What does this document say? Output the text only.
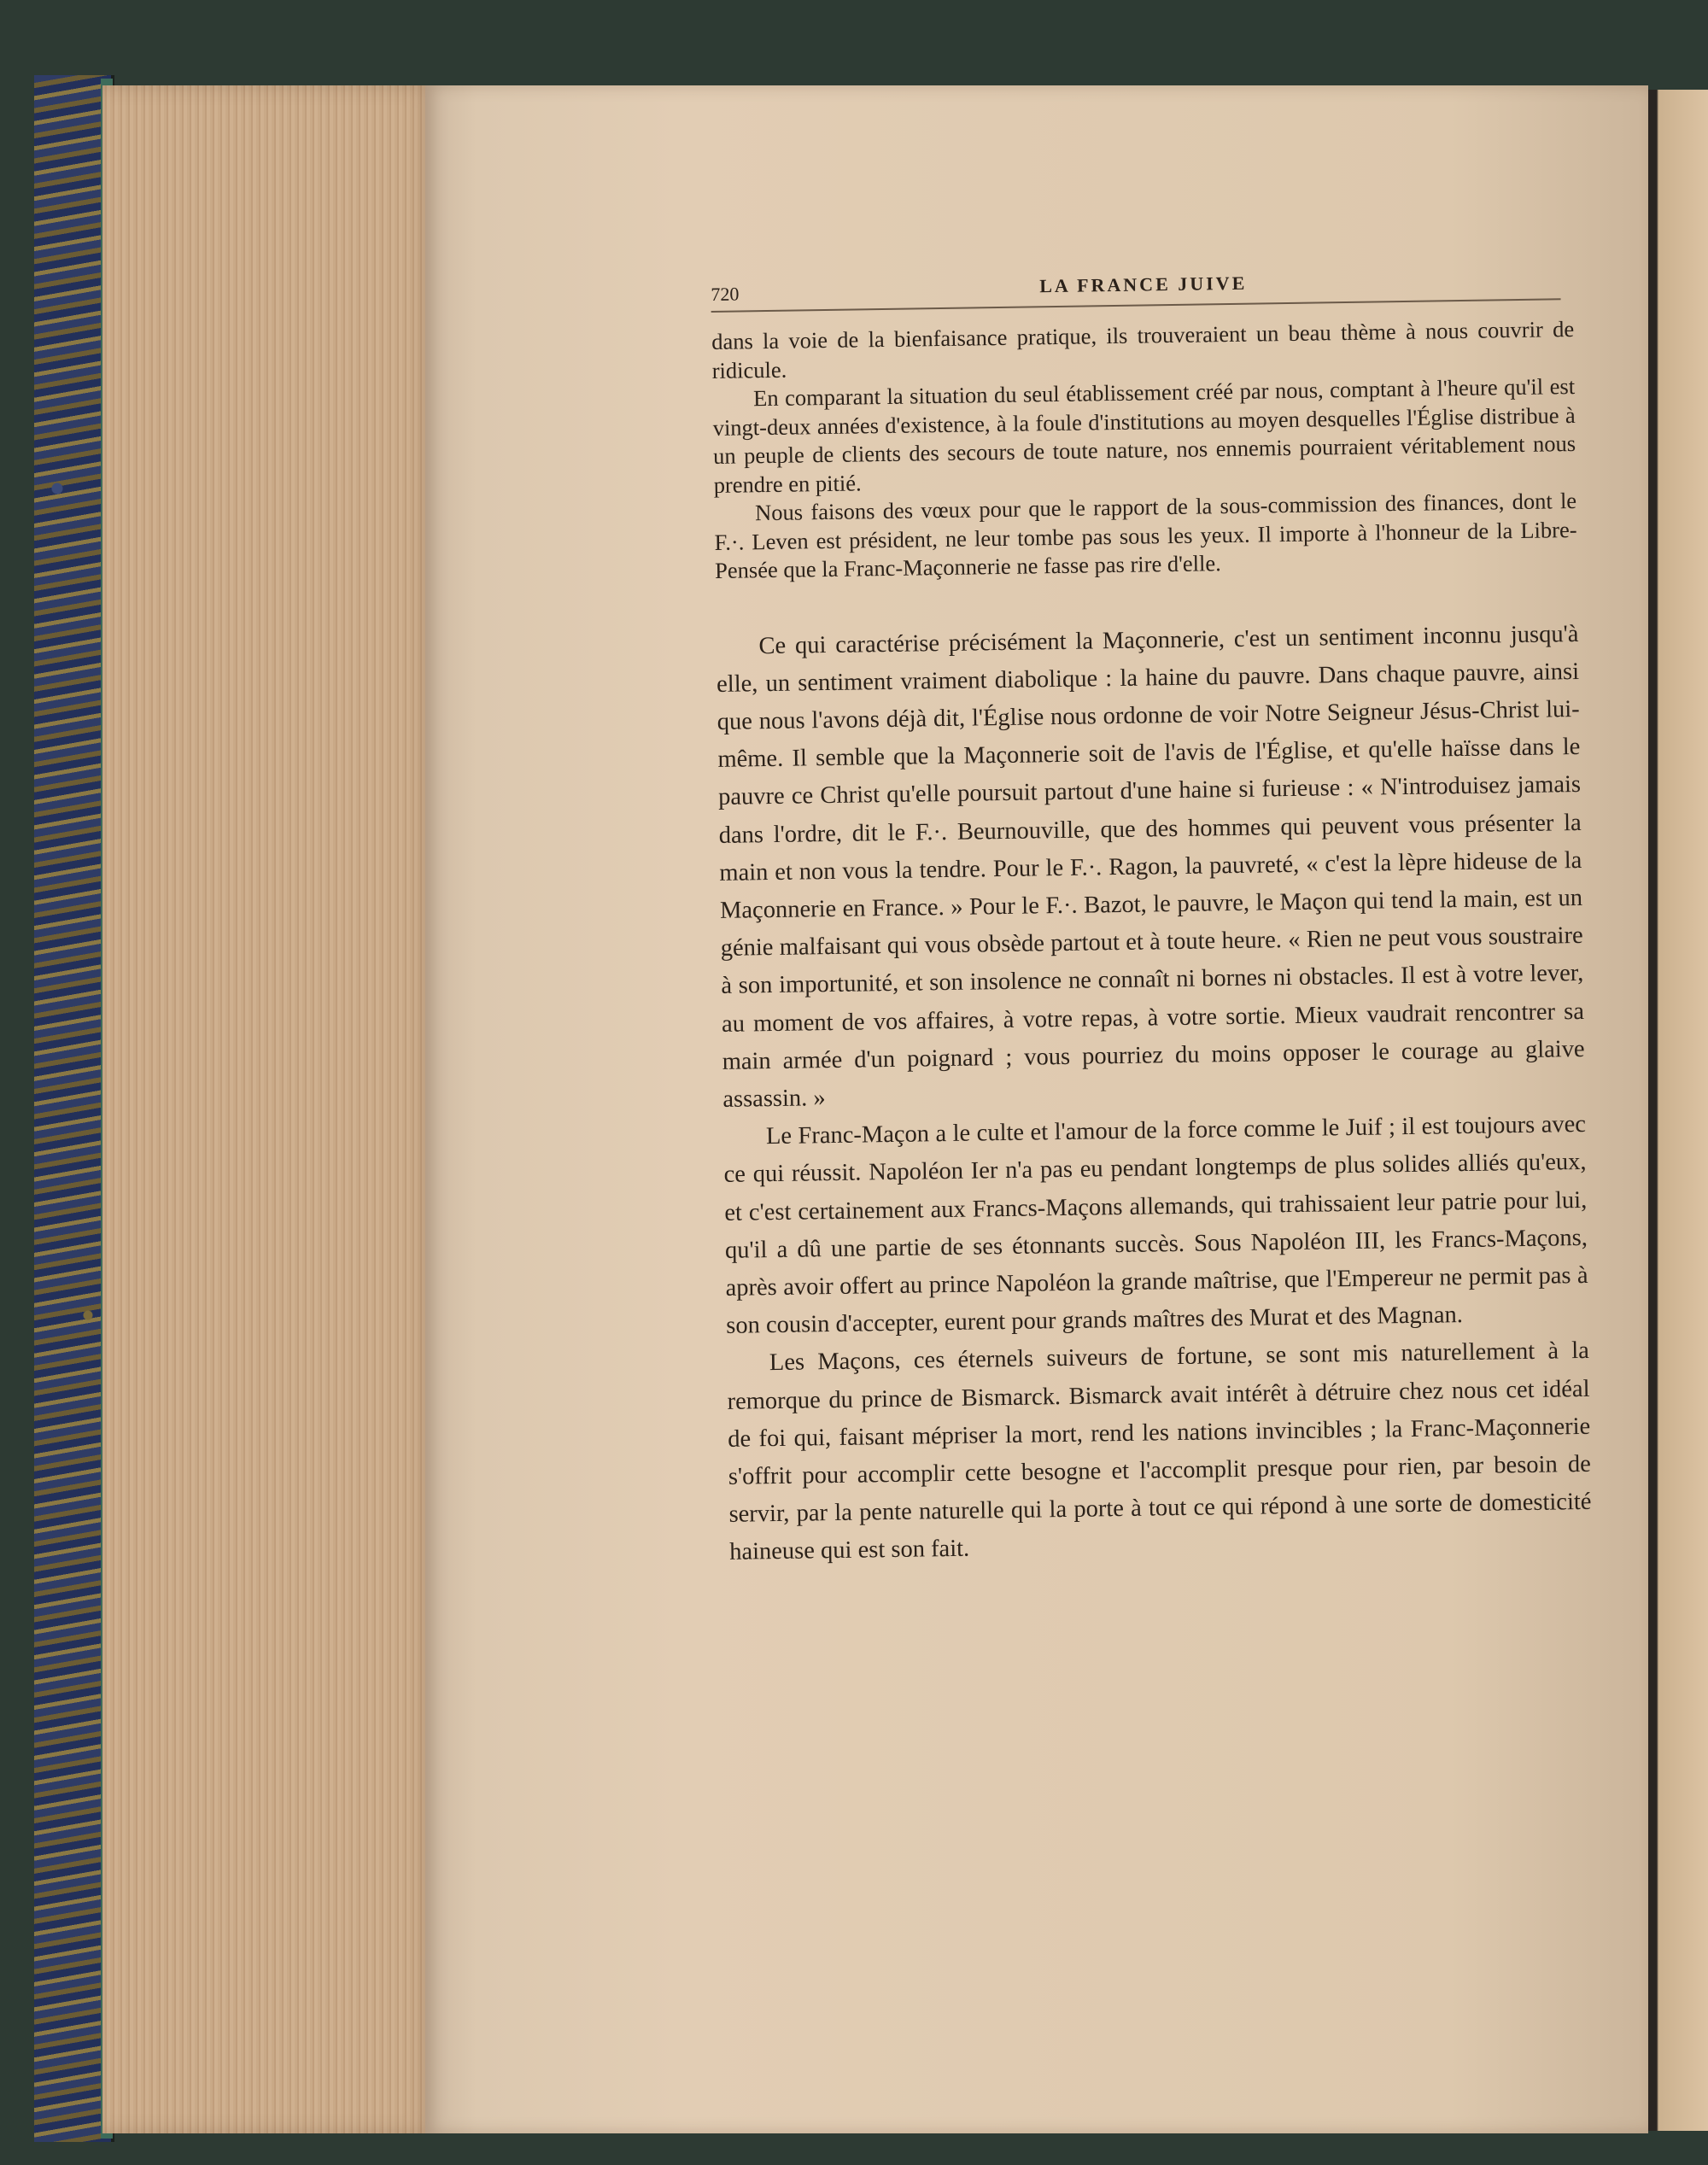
720	LA FRANCE JUIVE

dans la voie de la bienfaisance pratique, ils trouveraient un beau thème à nous couvrir de ridicule.

En comparant la situation du seul établissement créé par nous, comptant à l'heure qu'il est vingt-deux années d'existence, à la foule d'institutions au moyen desquelles l'Église distribue à un peuple de clients des secours de toute nature, nos ennemis pourraient véritablement nous prendre en pitié.

Nous faisons des vœux pour que le rapport de la sous-commission des finances, dont le F.·. Leven est président, ne leur tombe pas sous les yeux. Il importe à l'honneur de la Libre-Pensée que la Franc-Maçonnerie ne fasse pas rire d'elle.

Ce qui caractérise précisément la Maçonnerie, c'est un sentiment inconnu jusqu'à elle, un sentiment vraiment diabolique : la haine du pauvre. Dans chaque pauvre, ainsi que nous l'avons déjà dit, l'Église nous ordonne de voir Notre Seigneur Jésus-Christ lui-même. Il semble que la Maçonnerie soit de l'avis de l'Église, et qu'elle haïsse dans le pauvre ce Christ qu'elle poursuit partout d'une haine si furieuse : « N'introduisez jamais dans l'ordre, dit le F.·. Beurnouville, que des hommes qui peuvent vous présenter la main et non vous la tendre. Pour le F.·. Ragon, la pauvreté, « c'est la lèpre hideuse de la Maçonnerie en France. » Pour le F.·. Bazot, le pauvre, le Maçon qui tend la main, est un génie malfaisant qui vous obsède partout et à toute heure. « Rien ne peut vous soustraire à son importunité, et son insolence ne connaît ni bornes ni obstacles. Il est à votre lever, au moment de vos affaires, à votre repas, à votre sortie. Mieux vaudrait rencontrer sa main armée d'un poignard ; vous pourriez du moins opposer le courage au glaive assassin. »

Le Franc-Maçon a le culte et l'amour de la force comme le Juif ; il est toujours avec ce qui réussit. Napoléon Ier n'a pas eu pendant longtemps de plus solides alliés qu'eux, et c'est certainement aux Francs-Maçons allemands, qui trahissaient leur patrie pour lui, qu'il a dû une partie de ses étonnants succès. Sous Napoléon III, les Francs-Maçons, après avoir offert au prince Napoléon la grande maîtrise, que l'Empereur ne permit pas à son cousin d'accepter, eurent pour grands maîtres des Murat et des Magnan.

Les Maçons, ces éternels suiveurs de fortune, se sont mis naturellement à la remorque du prince de Bismarck. Bismarck avait intérêt à détruire chez nous cet idéal de foi qui, faisant mépriser la mort, rend les nations invincibles ; la Franc-Maçonnerie s'offrit pour accomplir cette besogne et l'accomplit presque pour rien, par besoin de servir, par la pente naturelle qui la porte à tout ce qui répond à une sorte de domesticité haineuse qui est son fait.
